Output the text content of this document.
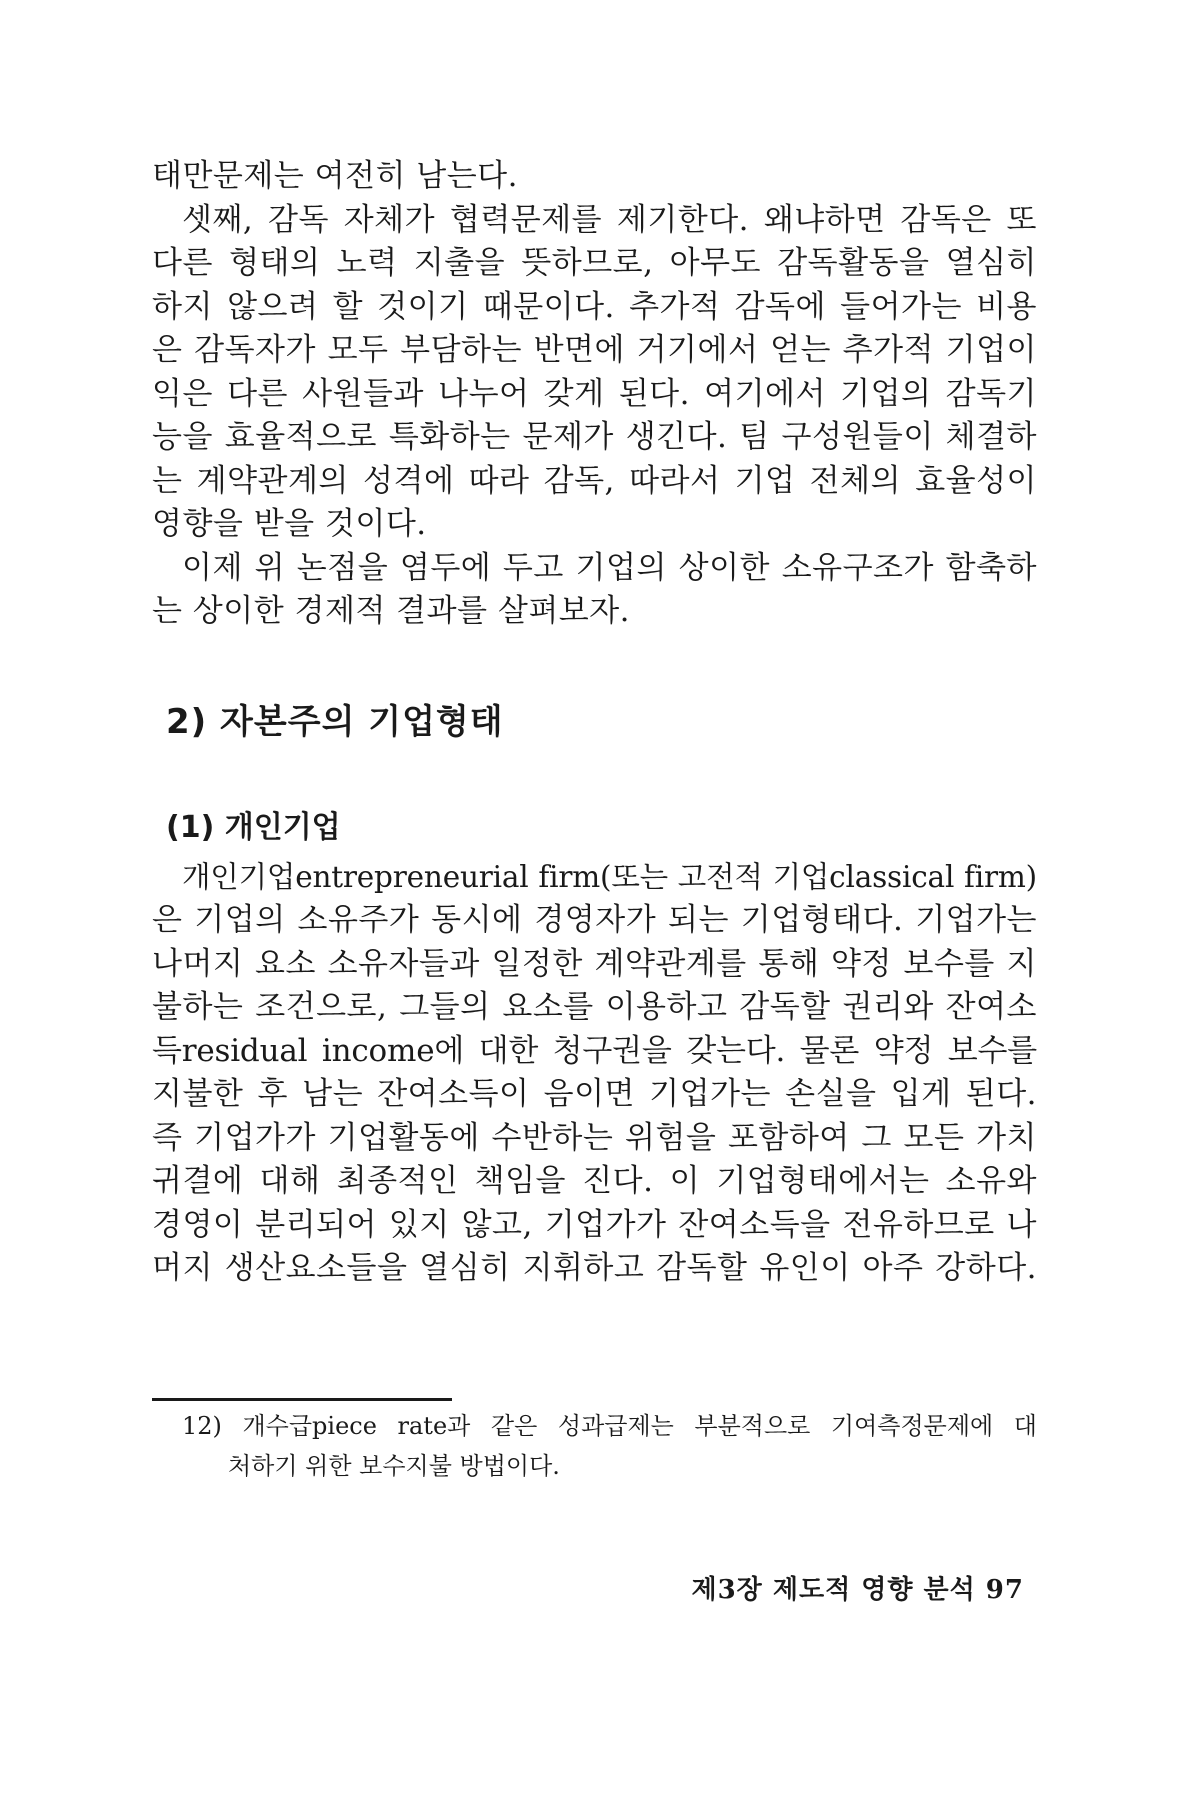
태만문제는 여전히 남는다.

셋째, 감독 자체가 협력문제를 제기한다. 왜냐하면 감독은 또

다른 형태의 노력 지출을 뜻하므로, 아무도 감독활동을 열심히

하지 않으려 할 것이기 때문이다. 추가적 감독에 들어가는 비용

은 감독자가 모두 부담하는 반면에 거기에서 얻는 추가적 기업이

익은 다른 사원들과 나누어 갖게 된다. 여기에서 기업의 감독기

능을 효율적으로 특화하는 문제가 생긴다. 팀 구성원들이 체결하

는 계약관계의 성격에 따라 감독, 따라서 기업 전체의 효율성이

영향을 받을 것이다.

이제 위 논점을 염두에 두고 기업의 상이한 소유구조가 함축하

는 상이한 경제적 결과를 살펴보자.

2) 자본주의 기업형태
(1) 개인기업

개인기업entrepreneurial firm(또는 고전적 기업classical firm)

은 기업의 소유주가 동시에 경영자가 되는 기업형태다. 기업가는

나머지 요소 소유자들과 일정한 계약관계를 통해 약정 보수를 지

불하는 조건으로, 그들의 요소를 이용하고 감독할 권리와 잔여소

득residual income에 대한 청구권을 갖는다. 물론 약정 보수를

지불한 후 남는 잔여소득이 음이면 기업가는 손실을 입게 된다.

즉 기업가가 기업활동에 수반하는 위험을 포함하여 그 모든 가치

귀결에 대해 최종적인 책임을 진다. 이 기업형태에서는 소유와

경영이 분리되어 있지 않고, 기업가가 잔여소득을 전유하므로 나

머지 생산요소들을 열심히 지휘하고 감독할 유인이 아주 강하다.

12) 개수급piece rate과 같은 성과급제는 부분적으로 기여측정문제에 대

처하기 위한 보수지불 방법이다.

제3장 제도적 영향 분석 97
